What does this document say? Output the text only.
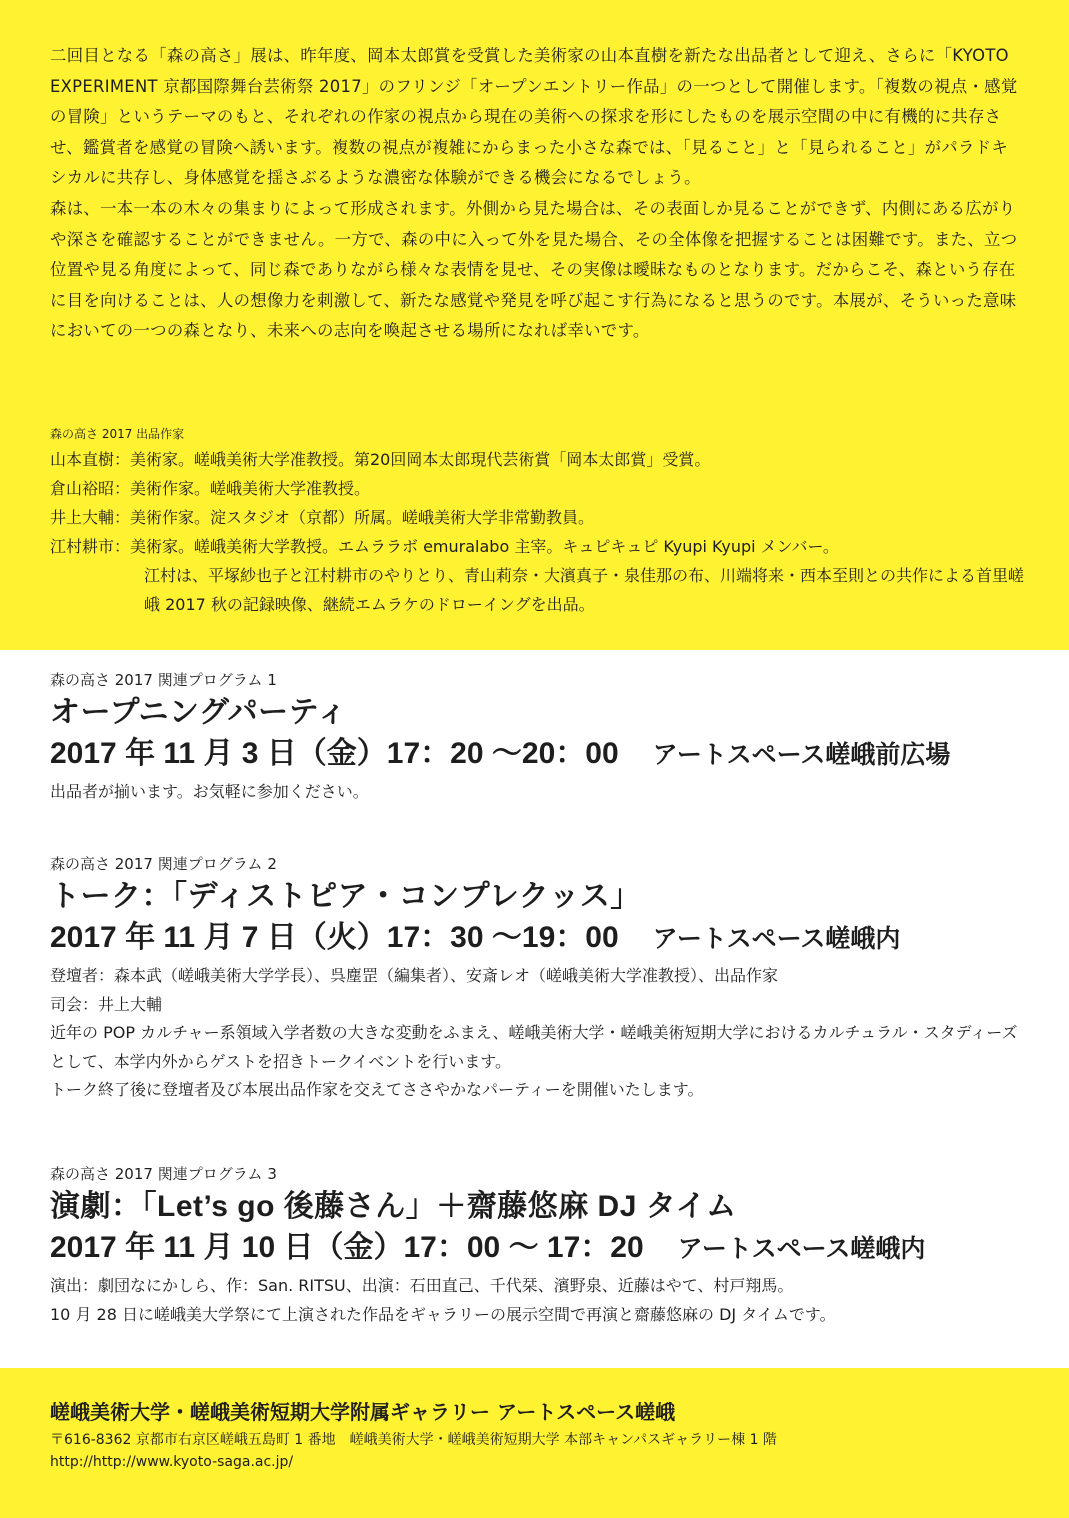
二回目となる「森の高さ」展は、昨年度、岡本太郎賞を受賞した美術家の山本直樹を新たな出品者として迎え、さらに「KYOTO EXPERIMENT 京都国際舞台芸術祭 2017」のフリンジ「オープンエントリー作品」の一つとして開催します。「複数の視点・感覚の冒険」というテーマのもと、それぞれの作家の視点から現在の美術への探求を形にしたものを展示空間の中に有機的に共存させ、鑑賞者を感覚の冒険へ誘います。複数の視点が複雑にからまった小さな森では、「見ること」と「見られること」がパラドキシカルに共存し、身体感覚を揺さぶるような濃密な体験ができる機会になるでしょう。

森は、一本一本の木々の集まりによって形成されます。外側から見た場合は、その表面しか見ることができず、内側にある広がりや深さを確認することができません。一方で、森の中に入って外を見た場合、その全体像を把握することは困難です。また、立つ位置や見る角度によって、同じ森でありながら様々な表情を見せ、その実像は曖昧なものとなります。だからこそ、森という存在に目を向けることは、人の想像力を刺激して、新たな感覚や発見を呼び起こす行為になると思うのです。本展が、そういった意味においての一つの森となり、未来への志向を喚起させる場所になれば幸いです。

森の高さ 2017 出品作家

山本直樹：美術家。嵯峨美術大学准教授。第20回岡本太郎現代芸術賞「岡本太郎賞」受賞。

倉山裕昭：美術作家。嵯峨美術大学准教授。

井上大輔：美術作家。淀スタジオ（京都）所属。嵯峨美術大学非常勤教員。

江村耕市：美術家。嵯峨美術大学教授。エムララボ emuralabo 主宰。キュピキュピ Kyupi Kyupi メンバー。

江村は、平塚紗也子と江村耕市のやりとり、青山莉奈・大濱真子・泉佳那の布、川端将来・西本至則との共作による首里嵯峨 2017 秋の記録映像、継続エムラケのドローイングを出品。

森の高さ 2017 関連プログラム 1

オープニングパーティ

2017 年 11 月 3 日（金）17：20 〜20：00 アートスペース嵯峨前広場

出品者が揃います。お気軽に参加ください。

森の高さ 2017 関連プログラム 2

トーク：「ディストピア・コンプレクッス」

2017 年 11 月 7 日（火）17：30 〜19：00 アートスペース嵯峨内

登壇者：森本武（嵯峨美術大学学長）、呉塵罡（編集者）、安斎レオ（嵯峨美術大学准教授）、出品作家

司会：井上大輔

近年の POP カルチャー系領域入学者数の大きな変動をふまえ、嵯峨美術大学・嵯峨美術短期大学におけるカルチュラル・スタディーズとして、本学内外からゲストを招きトークイベントを行います。

トーク終了後に登壇者及び本展出品作家を交えてささやかなパーティーを開催いたします。

森の高さ 2017 関連プログラム 3

演劇：「Let’s go 後藤さん」＋齋藤悠麻 DJ タイム

2017 年 11 月 10 日（金）17：00 〜 17：20 アートスペース嵯峨内

演出：劇団なにかしら、作：San. RITSU、出演：石田直己、千代栞、濱野泉、近藤はやて、村戸翔馬。

10 月 28 日に嵯峨美大学祭にて上演された作品をギャラリーの展示空間で再演と齋藤悠麻の DJ タイムです。

嵯峨美術大学・嵯峨美術短期大学附属ギャラリー アートスペース嵯峨

〒616-8362 京都市右京区嵯峨五島町 1 番地　嵯峨美術大学・嵯峨美術短期大学 本部キャンパスギャラリー棟 1 階

http://http://www.kyoto-saga.ac.jp/
